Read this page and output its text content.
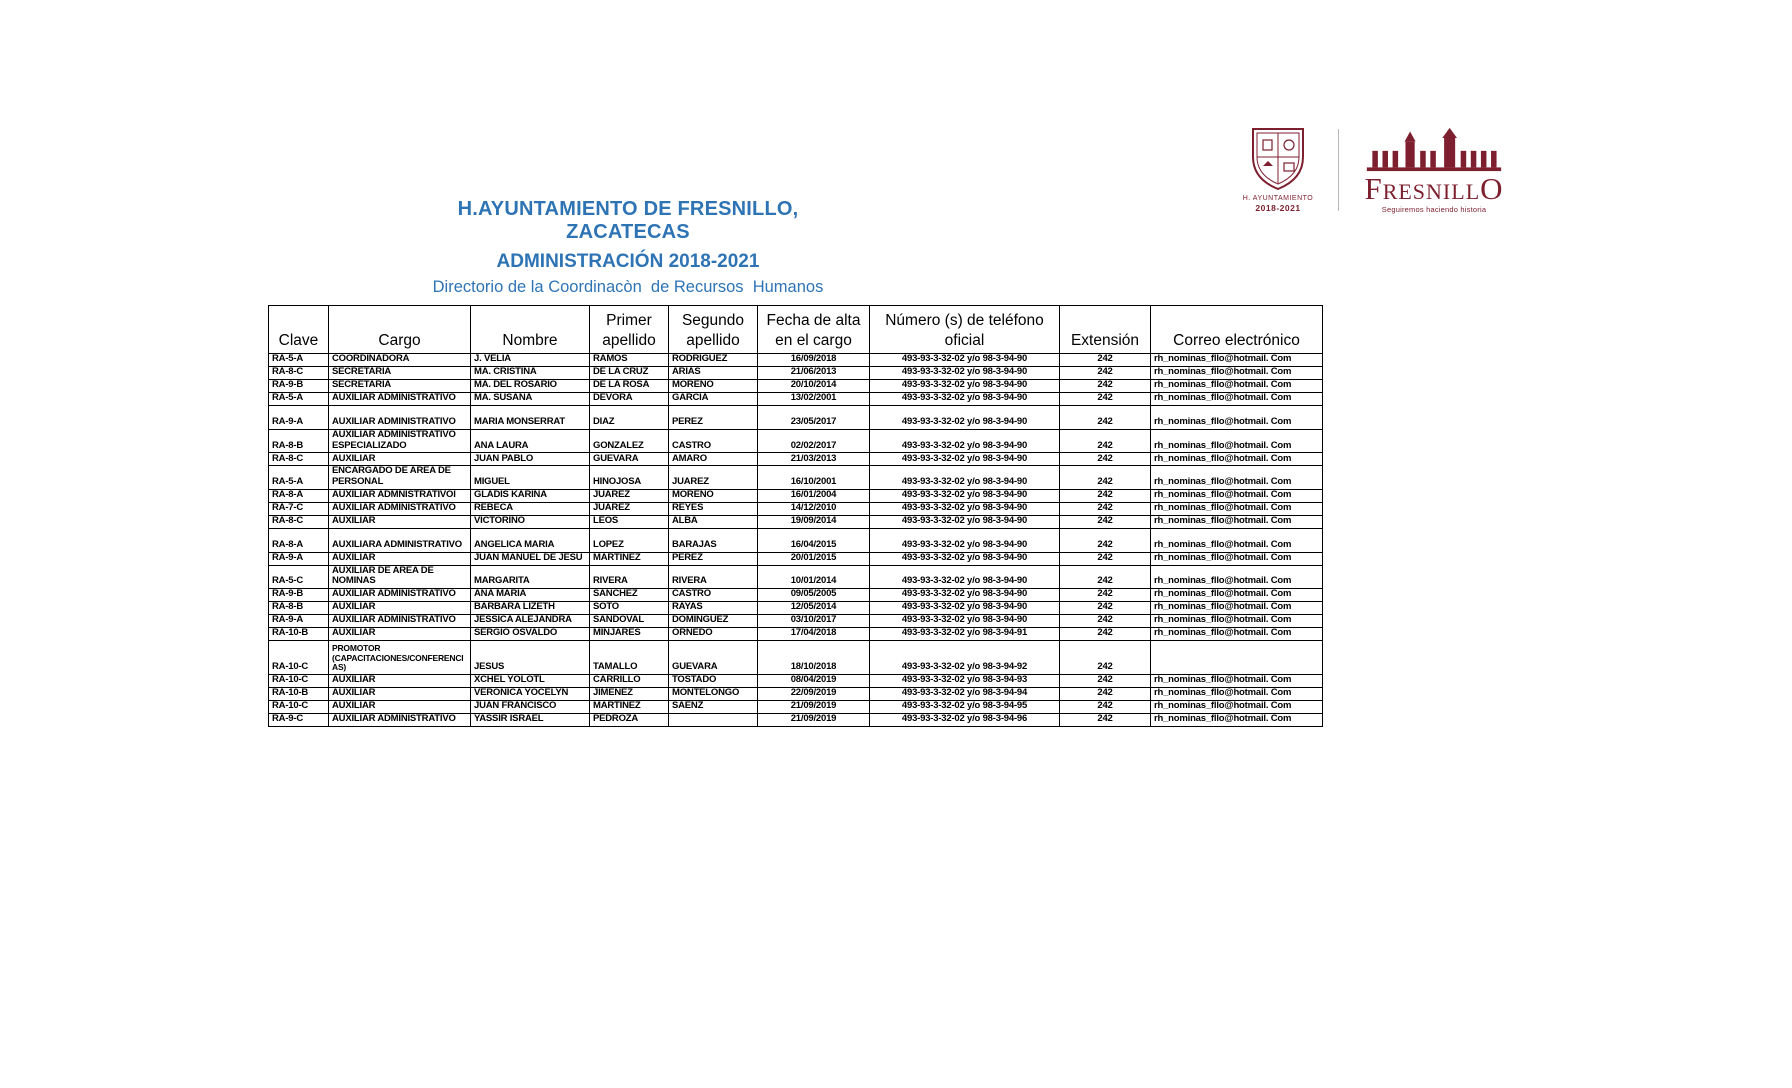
H. AYUNTAMIENTO
2018-2021
FresnillO
Seguiremos haciendo historia
H.AYUNTAMIENTO DE FRESNILLO, ZACATECAS
ADMINISTRACIÓN 2018-2021
Directorio de la Coordinacòn  de Recursos  Humanos
Clave	Cargo	Nombre	Primer apellido	Segundo apellido	Fecha de alta en el cargo	Número (s) de teléfono oficial	Extensión	Correo electrónico
RA-5-A	COORDINADORA	J. VELIA	RAMOS	RODRIGUEZ	16/09/2018	493-93-3-32-02 y/o 98-3-94-90	242	rh_nominas_fllo@hotmail. Com
RA-8-C	SECRETARIA	MA. CRISTINA	DE LA CRUZ	ARIAS	21/06/2013	493-93-3-32-02 y/o 98-3-94-90	242	rh_nominas_fllo@hotmail. Com
RA-9-B	SECRETARIA	MA. DEL ROSARIO	DE LA ROSA	MORENO	20/10/2014	493-93-3-32-02 y/o 98-3-94-90	242	rh_nominas_fllo@hotmail. Com
RA-5-A	AUXILIAR ADMINISTRATIVO	MA. SUSANA	DEVORA	GARCIA	13/02/2001	493-93-3-32-02 y/o 98-3-94-90	242	rh_nominas_fllo@hotmail. Com
RA-9-A	AUXILIAR ADMINISTRATIVO	MARIA MONSERRAT	DIAZ	PEREZ	23/05/2017	493-93-3-32-02 y/o 98-3-94-90	242	rh_nominas_fllo@hotmail. Com
RA-8-B	AUXILIAR ADMINISTRATIVO ESPECIALIZADO	ANA LAURA	GONZALEZ	CASTRO	02/02/2017	493-93-3-32-02 y/o 98-3-94-90	242	rh_nominas_fllo@hotmail. Com
RA-8-C	AUXILIAR	JUAN PABLO	GUEVARA	AMARO	21/03/2013	493-93-3-32-02 y/o 98-3-94-90	242	rh_nominas_fllo@hotmail. Com
RA-5-A	ENCARGADO DE AREA DE PERSONAL	MIGUEL	HINOJOSA	JUAREZ	16/10/2001	493-93-3-32-02 y/o 98-3-94-90	242	rh_nominas_fllo@hotmail. Com
RA-8-A	AUXILIAR ADMNISTRATIVOI	GLADIS KARINA	JUAREZ	MORENO	16/01/2004	493-93-3-32-02 y/o 98-3-94-90	242	rh_nominas_fllo@hotmail. Com
RA-7-C	AUXILIAR ADMINISTRATIVO	REBECA	JUAREZ	REYES	14/12/2010	493-93-3-32-02 y/o 98-3-94-90	242	rh_nominas_fllo@hotmail. Com
RA-8-C	AUXILIAR	VICTORINO	LEOS	ALBA	19/09/2014	493-93-3-32-02 y/o 98-3-94-90	242	rh_nominas_fllo@hotmail. Com
RA-8-A	AUXILIARA ADMINISTRATIVO	ANGELICA MARIA	LOPEZ	BARAJAS	16/04/2015	493-93-3-32-02 y/o 98-3-94-90	242	rh_nominas_fllo@hotmail. Com
RA-9-A	AUXILIAR	JUAN MANUEL DE JESU	MARTINEZ	PEREZ	20/01/2015	493-93-3-32-02 y/o 98-3-94-90	242	rh_nominas_fllo@hotmail. Com
RA-5-C	AUXILIAR DE AREA DE NOMINAS	MARGARITA	RIVERA	RIVERA	10/01/2014	493-93-3-32-02 y/o 98-3-94-90	242	rh_nominas_fllo@hotmail. Com
RA-9-B	AUXILIAR ADMINISTRATIVO	ANA MARIA	SANCHEZ	CASTRO	09/05/2005	493-93-3-32-02 y/o 98-3-94-90	242	rh_nominas_fllo@hotmail. Com
RA-8-B	AUXILIAR	BARBARA LIZETH	SOTO	RAYAS	12/05/2014	493-93-3-32-02 y/o 98-3-94-90	242	rh_nominas_fllo@hotmail. Com
RA-9-A	AUXILIAR ADMINISTRATIVO	JESSICA ALEJANDRA	SANDOVAL	DOMINGUEZ	03/10/2017	493-93-3-32-02 y/o 98-3-94-90	242	rh_nominas_fllo@hotmail. Com
RA-10-B	AUXILIAR	SERGIO OSVALDO	MINJARES	ORNEDO	17/04/2018	493-93-3-32-02 y/o 98-3-94-91	242	rh_nominas_fllo@hotmail. Com
RA-10-C	PROMOTOR (CAPACITACIONES/CONFERENCIAS)	JESUS	TAMALLO	GUEVARA	18/10/2018	493-93-3-32-02 y/o 98-3-94-92	242	
RA-10-C	AUXILIAR	XCHEL YOLOTL	CARRILLO	TOSTADO	08/04/2019	493-93-3-32-02 y/o 98-3-94-93	242	rh_nominas_fllo@hotmail. Com
RA-10-B	AUXILIAR	VERONICA YOCELYN	JIMENEZ	MONTELONGO	22/09/2019	493-93-3-32-02 y/o 98-3-94-94	242	rh_nominas_fllo@hotmail. Com
RA-10-C	AUXILIAR	JUAN FRANCISCO	MARTINEZ	SAENZ	21/09/2019	493-93-3-32-02 y/o 98-3-94-95	242	rh_nominas_fllo@hotmail. Com
RA-9-C	AUXILIAR ADMINISTRATIVO	YASSIR ISRAEL	PEDROZA		21/09/2019	493-93-3-32-02 y/o 98-3-94-96	242	rh_nominas_fllo@hotmail. Com
